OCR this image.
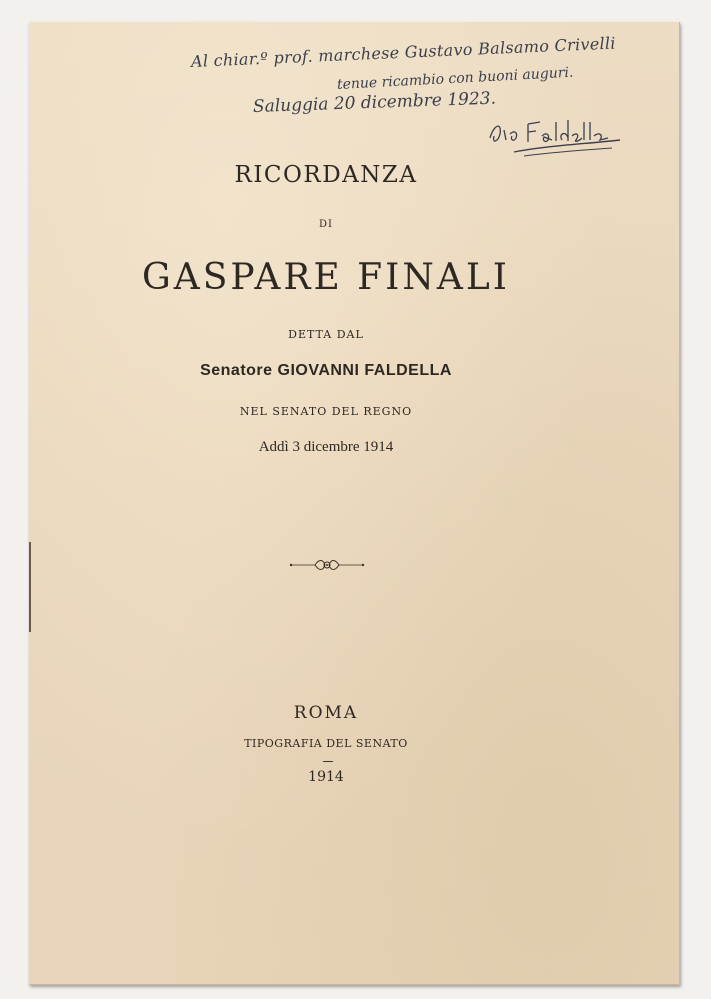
Al chiar.º prof. marchese Gustavo Balsamo Crivelli
tenue ricambio con buoni auguri.
Saluggia 20 dicembre 1923.
RICORDANZA
DI
GASPARE FINALI
DETTA DAL
Senatore GIOVANNI FALDELLA
NEL SENATO DEL REGNO
Addì 3 dicembre 1914
ROMA
TIPOGRAFIA DEL SENATO
1914
